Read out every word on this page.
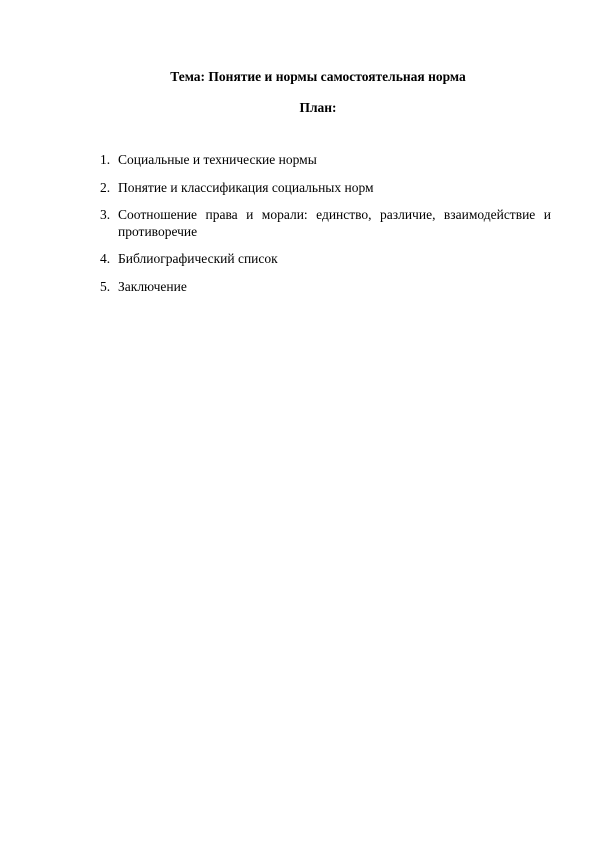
Тема: Понятие и нормы самостоятельная норма
План:
1. Социальные и технические нормы
2. Понятие и классификация социальных норм
3. Соотношение права и морали: единство, различие, взаимодействие и противоречие
4. Библиографический список
5. Заключение
